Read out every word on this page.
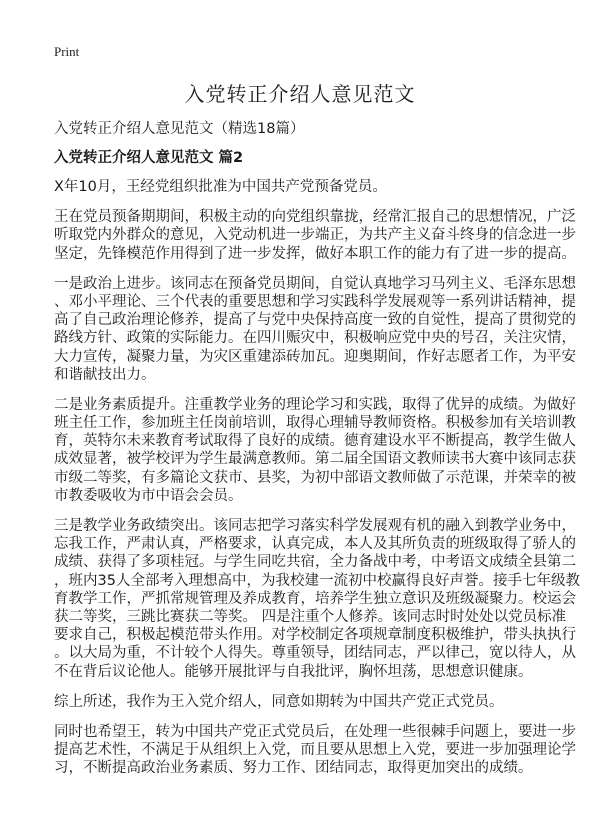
Print
入党转正介绍人意见范文
入党转正介绍人意见范文（精选18篇）
入党转正介绍人意见范文 篇2
X年10月，王经党组织批准为中国共产党预备党员。
王在党员预备期期间，积极主动的向党组织靠拢，经常汇报自己的思想情况，广泛
听取党内外群众的意见，入党动机进一步端正，为共产主义奋斗终身的信念进一步
坚定，先锋模范作用得到了进一步发挥，做好本职工作的能力有了进一步的提高。
一是政治上进步。该同志在预备党员期间，自觉认真地学习马列主义、毛泽东思想
、邓小平理论、三个代表的重要思想和学习实践科学发展观等一系列讲话精神，提
高了自己政治理论修养，提高了与党中央保持高度一致的自觉性，提高了贯彻党的
路线方针、政策的实际能力。在四川赈灾中，积极响应党中央的号召，关注灾情，
大力宣传，凝聚力量，为灾区重建添砖加瓦。迎奥期间，作好志愿者工作，为平安
和谐献技出力。
二是业务素质提升。注重教学业务的理论学习和实践，取得了优异的成绩。为做好
班主任工作，参加班主任岗前培训，取得心理辅导教师资格。积极参加有关培训教
育，英特尔未来教育考试取得了良好的成绩。德育建设水平不断提高，教学生做人
成效显著，被学校评为学生最满意教师。第二届全国语文教师读书大赛中该同志获
市级二等奖，有多篇论文获市、县奖，为初中部语文教师做了示范课，并荣幸的被
市教委吸收为市中语会会员。
三是教学业务政绩突出。该同志把学习落实科学发展观有机的融入到教学业务中，
忘我工作，严肃认真，严格要求，认真完成，本人及其所负责的班级取得了骄人的
成绩、获得了多项桂冠。与学生同吃共宿，全力备战中考，中考语文成绩全县第二
，班内35人全部考入理想高中，为我校建一流初中校赢得良好声誉。接手七年级教
育教学工作，严抓常规管理及养成教育，培养学生独立意识及班级凝聚力。校运会
获二等奖，三跳比赛获二等奖。 四是注重个人修养。该同志时时处处以党员标准
要求自己，积极起模范带头作用。对学校制定各项规章制度积极维护，带头执执行
。以大局为重，不计较个人得失。尊重领导，团结同志，严以律己，宽以待人，从
不在背后议论他人。能够开展批评与自我批评，胸怀坦荡，思想意识健康。
综上所述，我作为王入党介绍人，同意如期转为中国共产党正式党员。
同时也希望王，转为中国共产党正式党员后，在处理一些很棘手问题上，要进一步
提高艺术性，不满足于从组织上入党，而且要从思想上入党，要进一步加强理论学
习，不断提高政治业务素质、努力工作、团结同志，取得更加突出的成绩。
